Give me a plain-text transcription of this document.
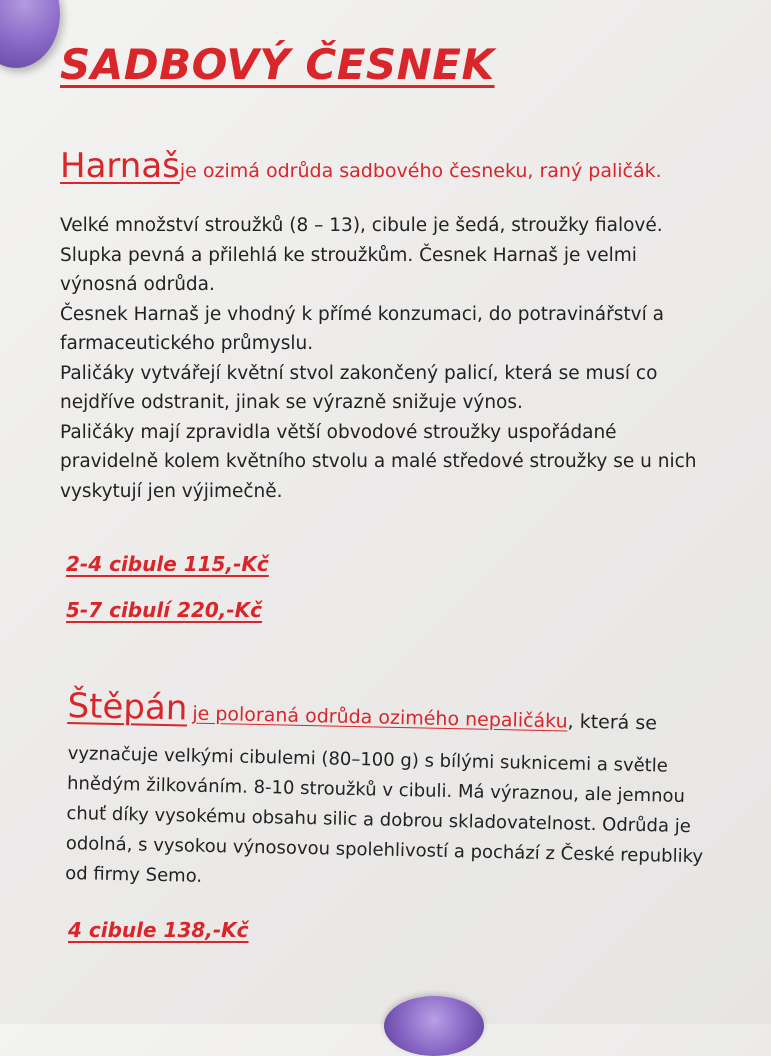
SADBOVÝ ČESNEK
Harnašje ozimá odrůda sadbového česneku, raný paličák.
Velké množství stroužků (8 – 13), cibule je šedá, stroužky fialové.
Slupka pevná a přilehlá ke stroužkům. Česnek Harnaš je velmi
výnosná odrůda.
Česnek Harnaš je vhodný k přímé konzumaci, do potravinářství a
farmaceutického průmyslu.
Paličáky vytvářejí květní stvol zakončený palicí, která se musí co
nejdříve odstranit, jinak se výrazně snižuje výnos.
Paličáky mají zpravidla větší obvodové stroužky uspořádané
pravidelně kolem květního stvolu a malé středové stroužky se u nich
vyskytují jen výjimečně.

2-4 cibule 115,-Kč

5-7 cibulí 220,-Kč

Štěpán je poloraná odrůda ozimého nepaličáku, která se
vyznačuje velkými cibulemi (80–100 g) s bílými suknicemi a světle
hnědým žilkováním. 8-10 stroužků v cibuli. Má výraznou, ale jemnou
chuť díky vysokému obsahu silic a dobrou skladovatelnost. Odrůda je
odolná, s vysokou výnosovou spolehlivostí a pochází z České republiky
od firmy Semo.

4 cibule 138,-Kč
